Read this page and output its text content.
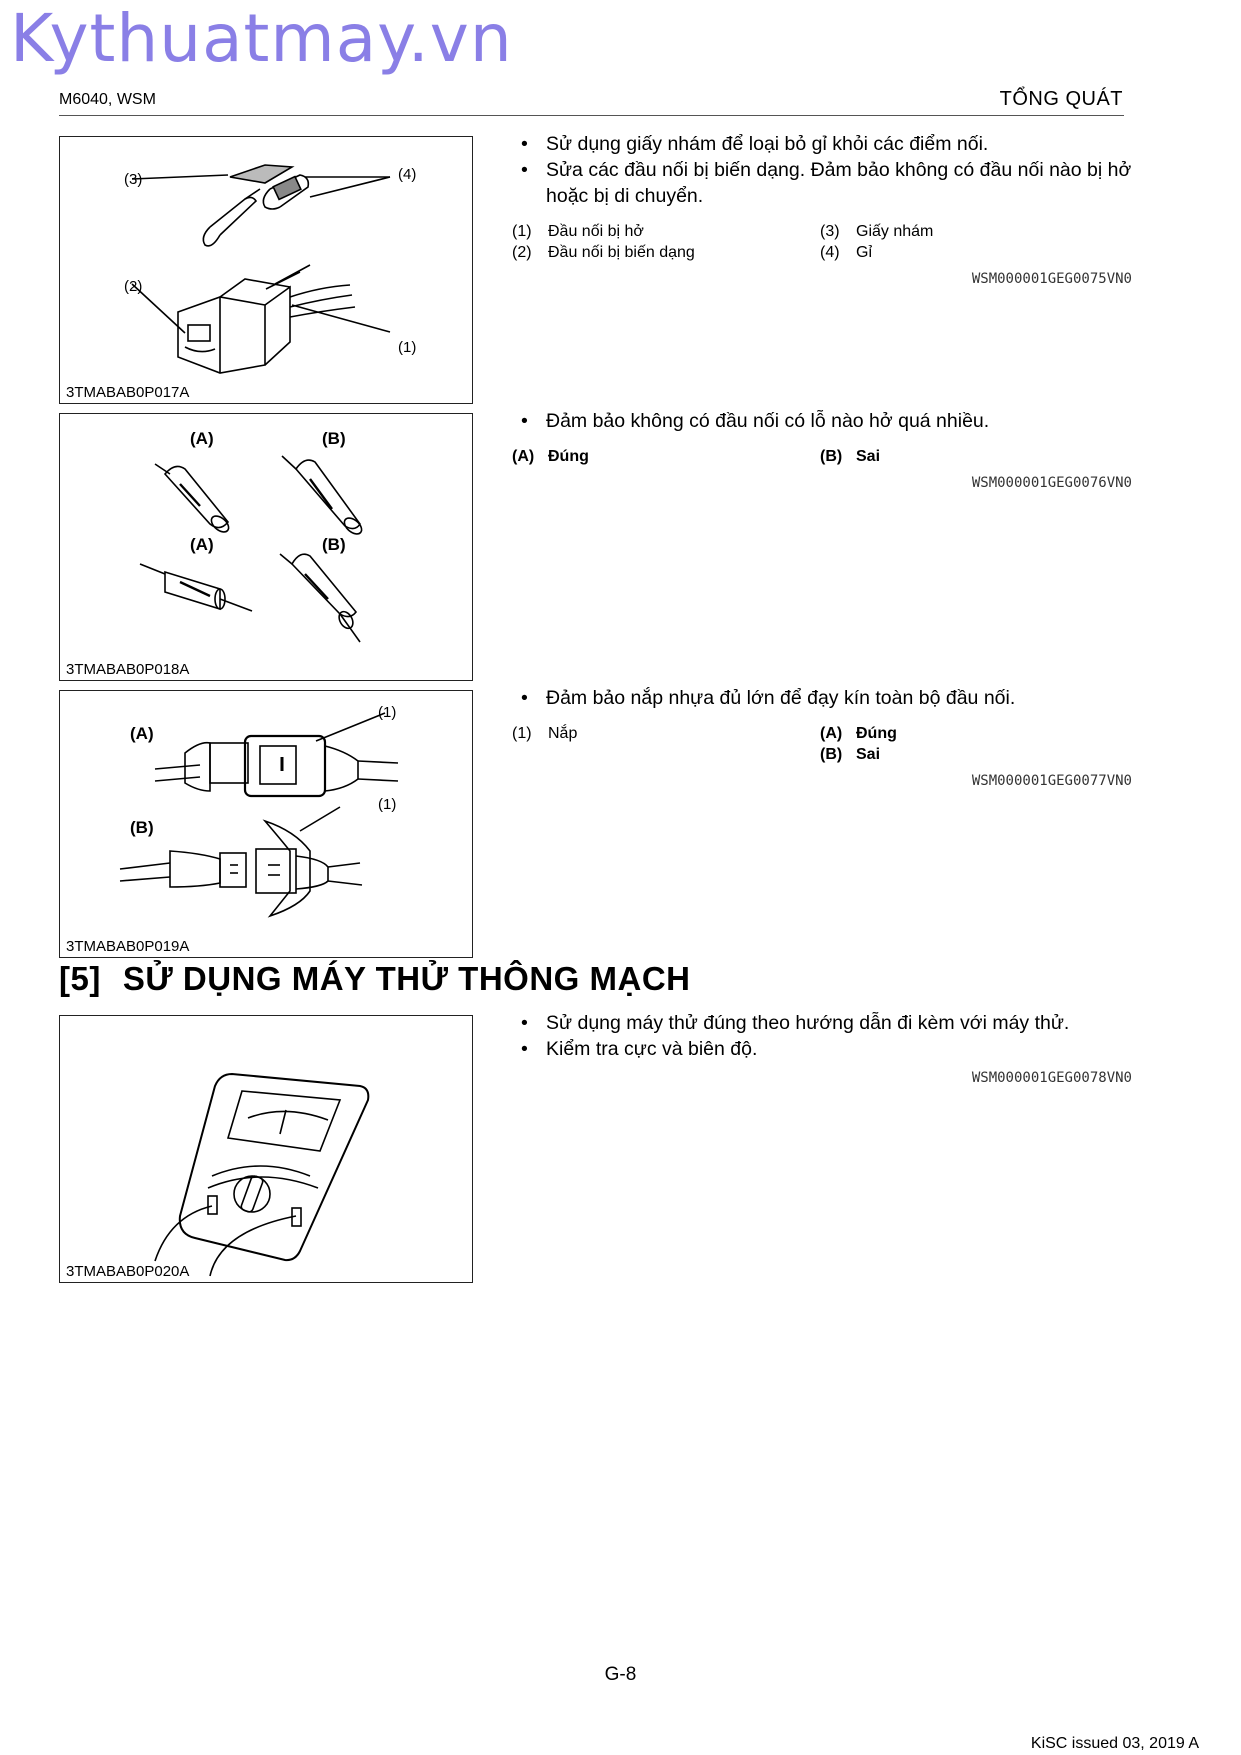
Kythuatmay.vn
M6040, WSM	TỔNG QUÁT
(3)	(4)
(2)
(1)
3TMABAB0P017A
• Sử dụng giấy nhám để loại bỏ gỉ khỏi các điểm nối.
• Sửa các đầu nối bị biến dạng. Đảm bảo không có đầu nối nào bị hở hoặc bị di chuyển.
(1)	Đầu nối bị hở	(3)	Giấy nhám
(2)	Đầu nối bị biến dạng	(4)	Gỉ
WSM000001GEG0075VN0
(A)	(B)
(A)	(B)
3TMABAB0P018A
• Đảm bảo không có đầu nối có lỗ nào hở quá nhiều.
(A) Đúng	(B) Sai
WSM000001GEG0076VN0
(A)
(1)
(B)
(1)
3TMABAB0P019A
• Đảm bảo nắp nhựa đủ lớn để đạy kín toàn bộ đầu nối.
(1)	Nắp	(A) Đúng
(B) Sai
WSM000001GEG0077VN0
[5] SỬ DỤNG MÁY THỬ THÔNG MẠCH
3TMABAB0P020A
• Sử dụng máy thử đúng theo hướng dẫn đi kèm với máy thử.
• Kiểm tra cực và biên độ.
WSM000001GEG0078VN0
G-8
KiSC issued 03, 2019 A
